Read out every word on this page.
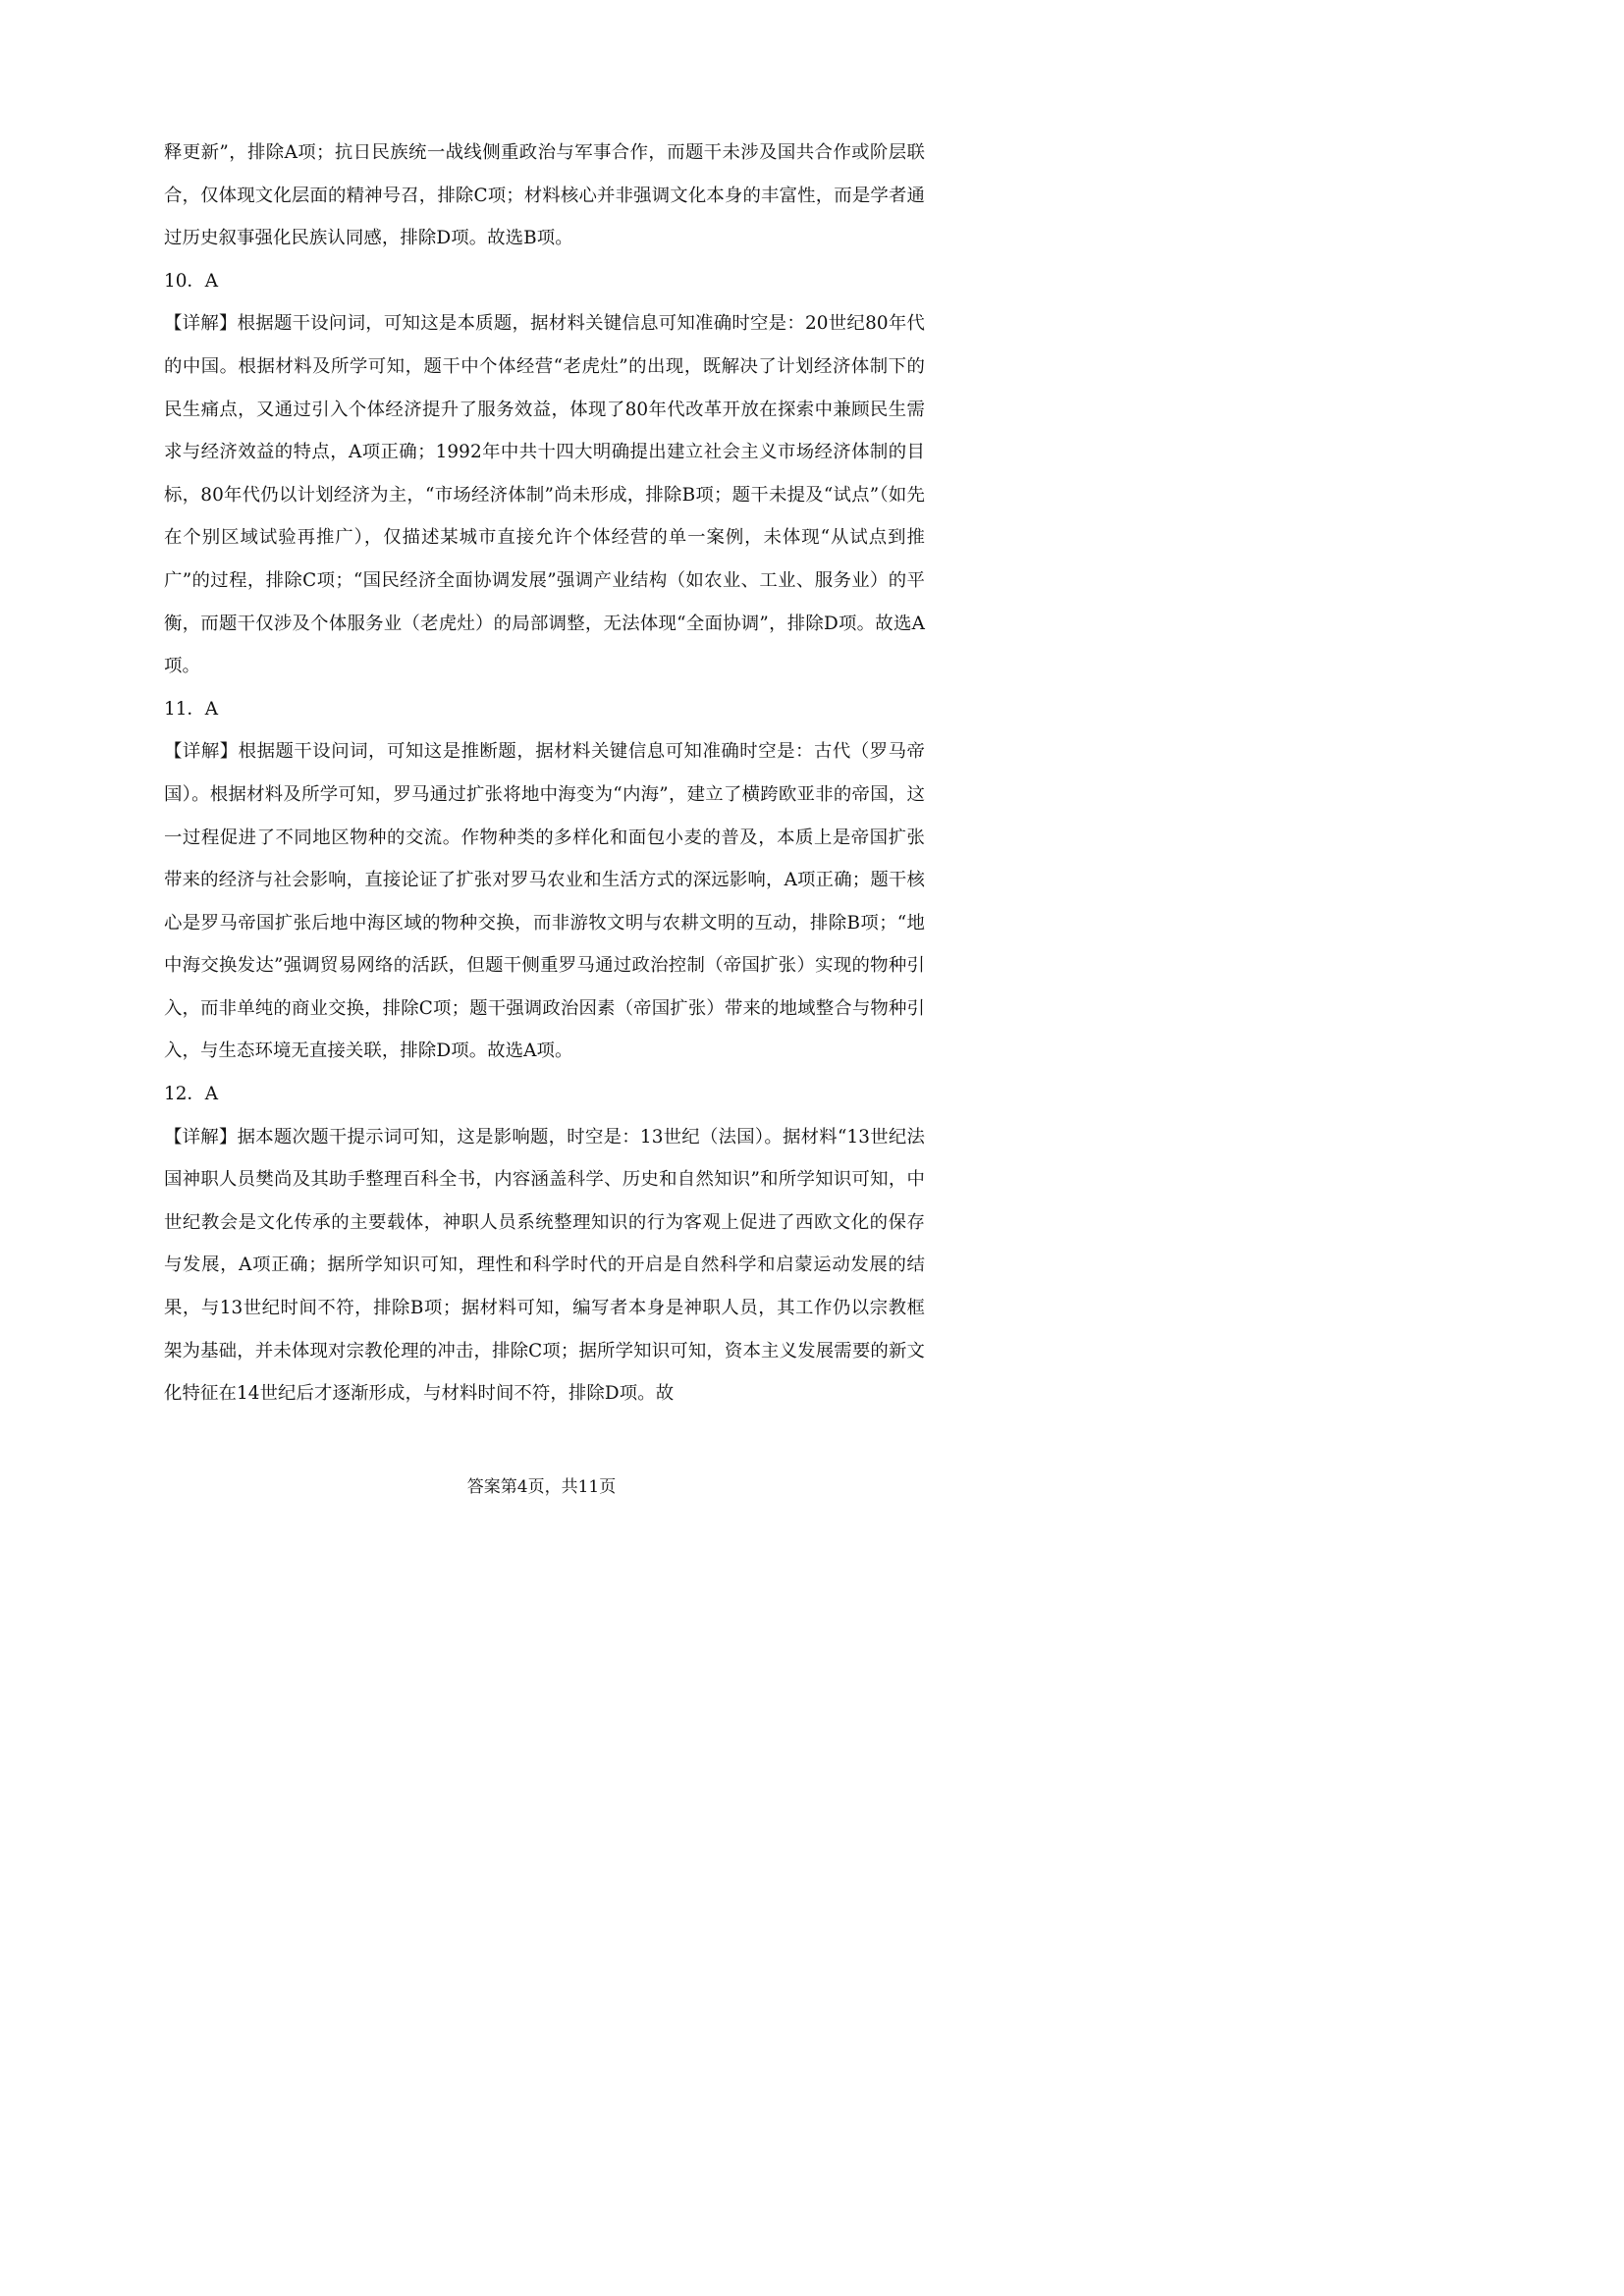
释更新”，排除A项；抗日民族统一战线侧重政治与军事合作，而题干未涉及国共合作或阶层联合，仅体现文化层面的精神号召，排除C项；材料核心并非强调文化本身的丰富性，而是学者通过历史叙事强化民族认同感，排除D项。故选B项。

10．A

【详解】根据题干设问词，可知这是本质题，据材料关键信息可知准确时空是：20世纪80年代的中国。根据材料及所学可知，题干中个体经营“老虎灶”的出现，既解决了计划经济体制下的民生痛点，又通过引入个体经济提升了服务效益，体现了80年代改革开放在探索中兼顾民生需求与经济效益的特点，A项正确；1992年中共十四大明确提出建立社会主义市场经济体制的目标，80年代仍以计划经济为主，“市场经济体制”尚未形成，排除B项；题干未提及“试点”（如先在个别区域试验再推广），仅描述某城市直接允许个体经营的单一案例，未体现“从试点到推广”的过程，排除C项；“国民经济全面协调发展”强调产业结构（如农业、工业、服务业）的平衡，而题干仅涉及个体服务业（老虎灶）的局部调整，无法体现“全面协调”，排除D项。故选A项。

11．A

【详解】根据题干设问词，可知这是推断题，据材料关键信息可知准确时空是：古代（罗马帝国）。根据材料及所学可知，罗马通过扩张将地中海变为“内海”，建立了横跨欧亚非的帝国，这一过程促进了不同地区物种的交流。作物种类的多样化和面包小麦的普及，本质上是帝国扩张带来的经济与社会影响，直接论证了扩张对罗马农业和生活方式的深远影响，A项正确；题干核心是罗马帝国扩张后地中海区域的物种交换，而非游牧文明与农耕文明的互动，排除B项；“地中海交换发达”强调贸易网络的活跃，但题干侧重罗马通过政治控制（帝国扩张）实现的物种引入，而非单纯的商业交换，排除C项；题干强调政治因素（帝国扩张）带来的地域整合与物种引入，与生态环境无直接关联，排除D项。故选A项。

12．A

【详解】据本题次题干提示词可知，这是影响题，时空是：13世纪（法国）。据材料“13世纪法国神职人员樊尚及其助手整理百科全书，内容涵盖科学、历史和自然知识”和所学知识可知，中世纪教会是文化传承的主要载体，神职人员系统整理知识的行为客观上促进了西欧文化的保存与发展，A项正确；据所学知识可知，理性和科学时代的开启是自然科学和启蒙运动发展的结果，与13世纪时间不符，排除B项；据材料可知，编写者本身是神职人员，其工作仍以宗教框架为基础，并未体现对宗教伦理的冲击，排除C项；据所学知识可知，资本主义发展需要的新文化特征在14世纪后才逐渐形成，与材料时间不符，排除D项。故

答案第4页，共11页
